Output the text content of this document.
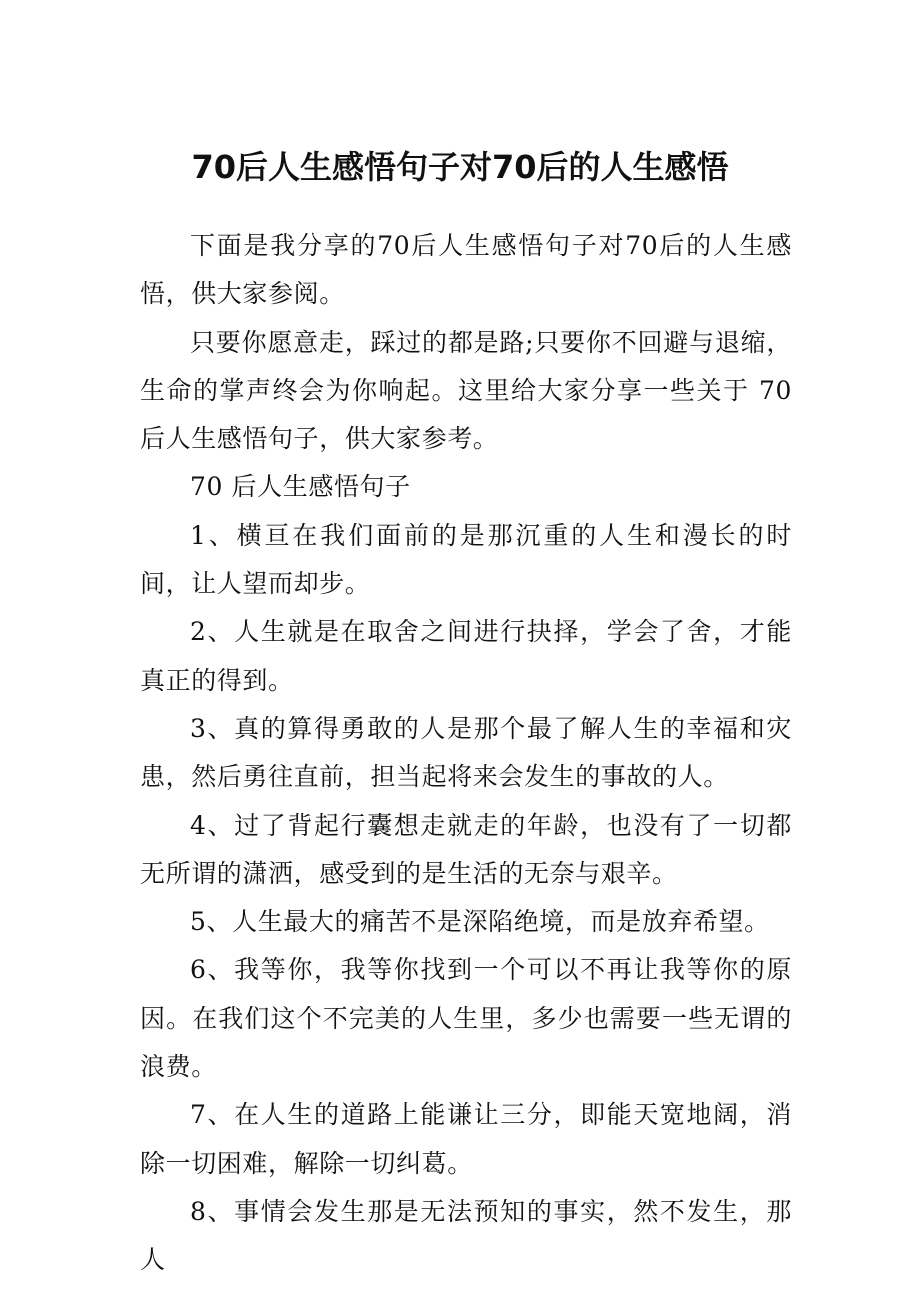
70后人生感悟句子对70后的人生感悟

下面是我分享的70后人生感悟句子对70后的人生感悟，供大家参阅。

只要你愿意走，踩过的都是路;只要你不回避与退缩，生命的掌声终会为你响起。这里给大家分享一些关于 70 后人生感悟句子，供大家参考。

70 后人生感悟句子

1、横亘在我们面前的是那沉重的人生和漫长的时间，让人望而却步。

2、人生就是在取舍之间进行抉择，学会了舍，才能真正的得到。

3、真的算得勇敢的人是那个最了解人生的幸福和灾患，然后勇往直前，担当起将来会发生的事故的人。

4、过了背起行囊想走就走的年龄，也没有了一切都无所谓的潇洒，感受到的是生活的无奈与艰辛。

5、人生最大的痛苦不是深陷绝境，而是放弃希望。

6、我等你，我等你找到一个可以不再让我等你的原因。在我们这个不完美的人生里，多少也需要一些无谓的浪费。

7、在人生的道路上能谦让三分，即能天宽地阔，消除一切困难，解除一切纠葛。

8、事情会发生那是无法预知的事实，然不发生，那人
